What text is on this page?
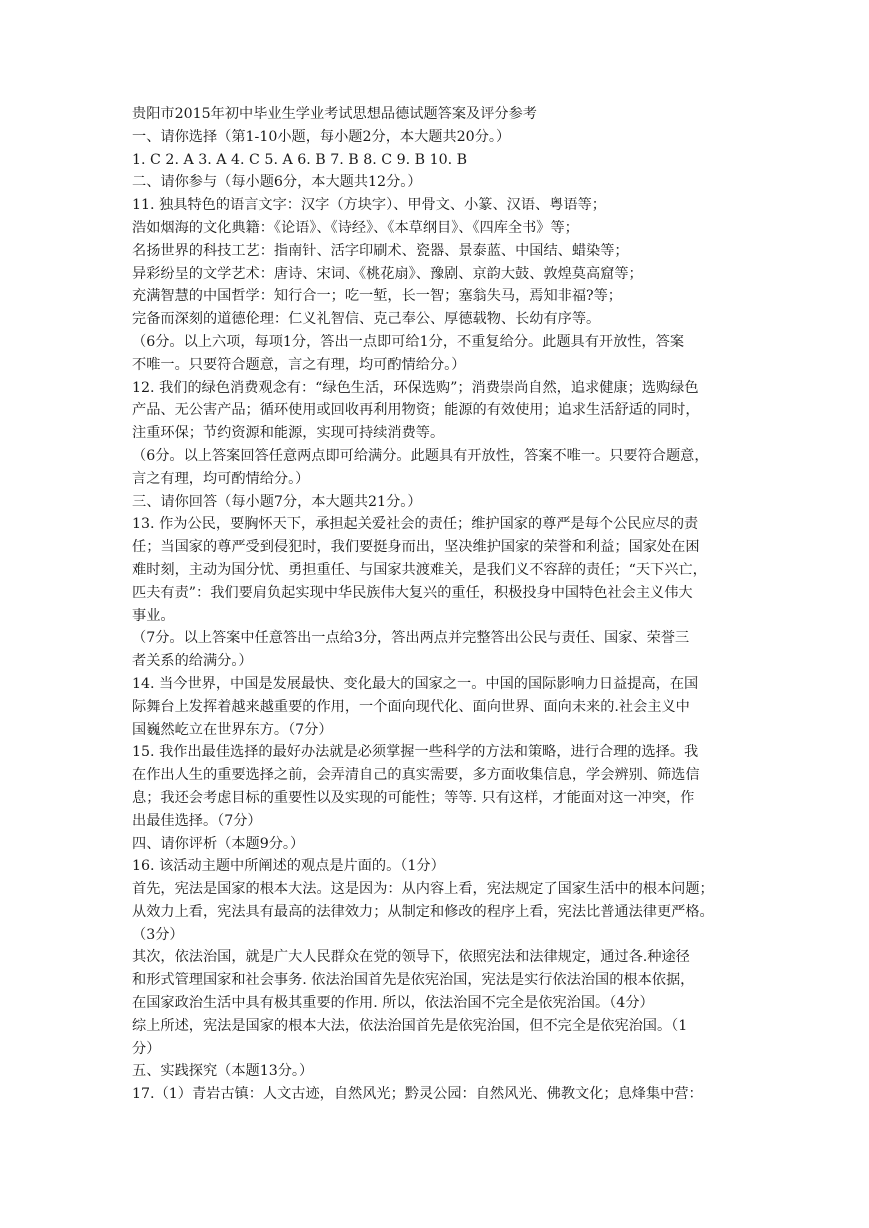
贵阳市2015年初中毕业生学业考试思想品德试题答案及评分参考
一、请你选择（第1-10小题，每小题2分，本大题共20分。）
1. C 2. A 3. A 4. C 5. A 6. B 7. B 8. C 9. B 10. B
二、请你参与（每小题6分，本大题共12分。）
11. 独具特色的语言文字：汉字（方块字）、甲骨文、小篆、汉语、粤语等；
浩如烟海的文化典籍：《论语》、《诗经》、《本草纲目》、《四库全书》等；
名扬世界的科技工艺：指南针、活字印刷术、瓷器、景泰蓝、中国结、蜡染等；
异彩纷呈的文学艺术：唐诗、宋词、《桃花扇》、豫剧、京韵大鼓、敦煌莫高窟等；
充满智慧的中国哲学：知行合一；吃一堑，长一智；塞翁失马，焉知非福?等；
完备而深刻的道德伦理：仁义礼智信、克己奉公、厚德载物、长幼有序等。
（6分。以上六项，每项1分，答出一点即可给1分，不重复给分。此题具有开放性，答案
不唯一。只要符合题意，言之有理，均可酌情给分。）
12. 我们的绿色消费观念有：“绿色生活，环保选购”；消费崇尚自然，追求健康；选购绿色
产品、无公害产品；循环使用或回收再利用物资；能源的有效使用；追求生活舒适的同时，
注重环保；节约资源和能源，实现可持续消费等。
（6分。以上答案回答任意两点即可给满分。此题具有开放性，答案不唯一。只要符合题意，
言之有理，均可酌情给分。）
三、请你回答（每小题7分，本大题共21分。）
13. 作为公民，要胸怀天下，承担起关爱社会的责任；维护国家的尊严是每个公民应尽的责
任；当国家的尊严受到侵犯时，我们要挺身而出，坚决维护国家的荣誉和利益；国家处在困
难时刻，主动为国分忧、勇担重任、与国家共渡难关，是我们义不容辞的责任；“天下兴亡，
匹夫有责”：我们要肩负起实现中华民族伟大复兴的重任，积极投身中国特色社会主义伟大
事业。
（7分。以上答案中任意答出一点给3分，答出两点并完整答出公民与责任、国家、荣誉三
者关系的给满分。）
14. 当今世界，中国是发展最快、变化最大的国家之一。中国的国际影响力日益提高，在国
际舞台上发挥着越来越重要的作用，一个面向现代化、面向世界、面向未来的.社会主义中
国巍然屹立在世界东方。（7分）
15. 我作出最佳选择的最好办法就是必须掌握一些科学的方法和策略，进行合理的选择。我
在作出人生的重要选择之前，会弄清自己的真实需要，多方面收集信息，学会辨别、筛选信
息；我还会考虑目标的重要性以及实现的可能性；等等. 只有这样，才能面对这一冲突，作
出最佳选择。（7分）
四、请你评析（本题9分。）
16. 该活动主题中所阐述的观点是片面的。（1分）
首先，宪法是国家的根本大法。这是因为：从内容上看，宪法规定了国家生活中的根本问题；
从效力上看，宪法具有最高的法律效力；从制定和修改的程序上看，宪法比普通法律更严格。
（3分）
其次，依法治国，就是广大人民群众在党的领导下，依照宪法和法律规定，通过各.种途径
和形式管理国家和社会事务. 依法治国首先是依宪治国，宪法是实行依法治国的根本依据，
在国家政治生活中具有极其重要的作用. 所以，依法治国不完全是依宪治国。（4分）
综上所述，宪法是国家的根本大法，依法治国首先是依宪治国，但不完全是依宪治国。（1
分）
五、实践探究（本题13分。）
17.（1）青岩古镇：人文古迹，自然风光；黔灵公园：自然风光、佛教文化；息烽集中营：
